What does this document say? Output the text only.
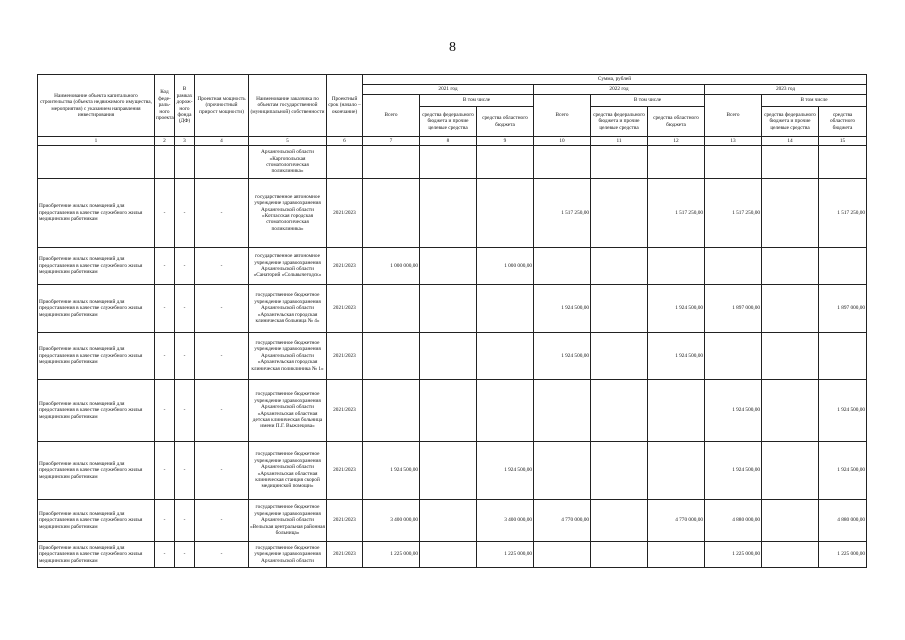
8
Наименование объекта капитального строительства (объекта недвижимого имущества, мероприятия) с указанием направления инвестирования	Код феде-раль-ного проекта	В рамках дорож-ного фонда (ДФ)	Проектная мощность (прочностный прирост мощности)	Наименование заказчика по объектам государственной (муниципальной) собственности	Проектный срок (начало – окончание)	Сумма, рублей								
						2021 год			2022 год			2023 год		
						Всего	В том числе		Всего	В том числе		Всего	В том числе	
							средства федерального бюджета и прочие целевые средства	средства областного бюджета		средства федерального бюджета и прочие целевые средства	средства областного бюджета		средства федерального бюджета и прочие целевые средства	средства областного бюджета
1	2	3	4	5	6	7	8	9	10	11	12	13	14	15
				Архангельской области «Каргопольская стоматологическая поликлиника»										
Приобретение жилых помещений для предоставления в качестве служебного жилья медицинским работникам	-	-	-	государственное автономное учреждение здравоохранения Архангельской области «Котласская городская стоматологическая поликлиника»	2021/2023				1 517 250,00		1 517 250,00	1 517 250,00		1 517 250,00
Приобретение жилых помещений для предоставления в качестве служебного жилья медицинским работникам	-	-	-	государственное автономное учреждение здравоохранения Архангельской области «Санаторий «Сольвычегодск»	2021/2023	1 000 000,00		1 000 000,00						
Приобретение жилых помещений для предоставления в качестве служебного жилья медицинским работникам	-	-	-	государственное бюджетное учреждение здравоохранения Архангельской области «Архангельская городская клиническая больница № 4»	2021/2023				1 924 500,00		1 924 500,00	1 897 000,00		1 897 000,00
Приобретение жилых помещений для предоставления в качестве служебного жилья медицинским работникам	-	-	-	государственное бюджетное учреждение здравоохранения Архангельской области «Архангельская городская клиническая поликлиника № 1»	2021/2023				1 924 500,00		1 924 500,00			
Приобретение жилых помещений для предоставления в качестве служебного жилья медицинским работникам	-	-	-	государственное бюджетное учреждение здравоохранения Архангельской области «Архангельская областная детская клиническая больница имени П.Г. Выжлецова»	2021/2023							1 924 500,00		1 924 500,00
Приобретение жилых помещений для предоставления в качестве служебного жилья медицинским работникам	-	-	-	государственное бюджетное учреждение здравоохранения Архангельской области «Архангельская областная клиническая станция скорой медицинской помощи»	2021/2023	1 924 500,00		1 924 500,00				1 924 500,00		1 924 500,00
Приобретение жилых помещений для предоставления в качестве служебного жилья медицинским работникам	-	-	-	государственное бюджетное учреждение здравоохранения Архангельской области «Вельская центральная районная больница»	2021/2023	3 400 000,00		3 400 000,00	4 770 000,00		4 770 000,00	4 880 000,00		4 880 000,00
Приобретение жилых помещений для предоставления в качестве служебного жилья медицинским работникам	-	-	-	государственное бюджетное учреждение здравоохранения Архангельской области	2021/2023	1 225 000,00		1 225 000,00				1 225 000,00		1 225 000,00
